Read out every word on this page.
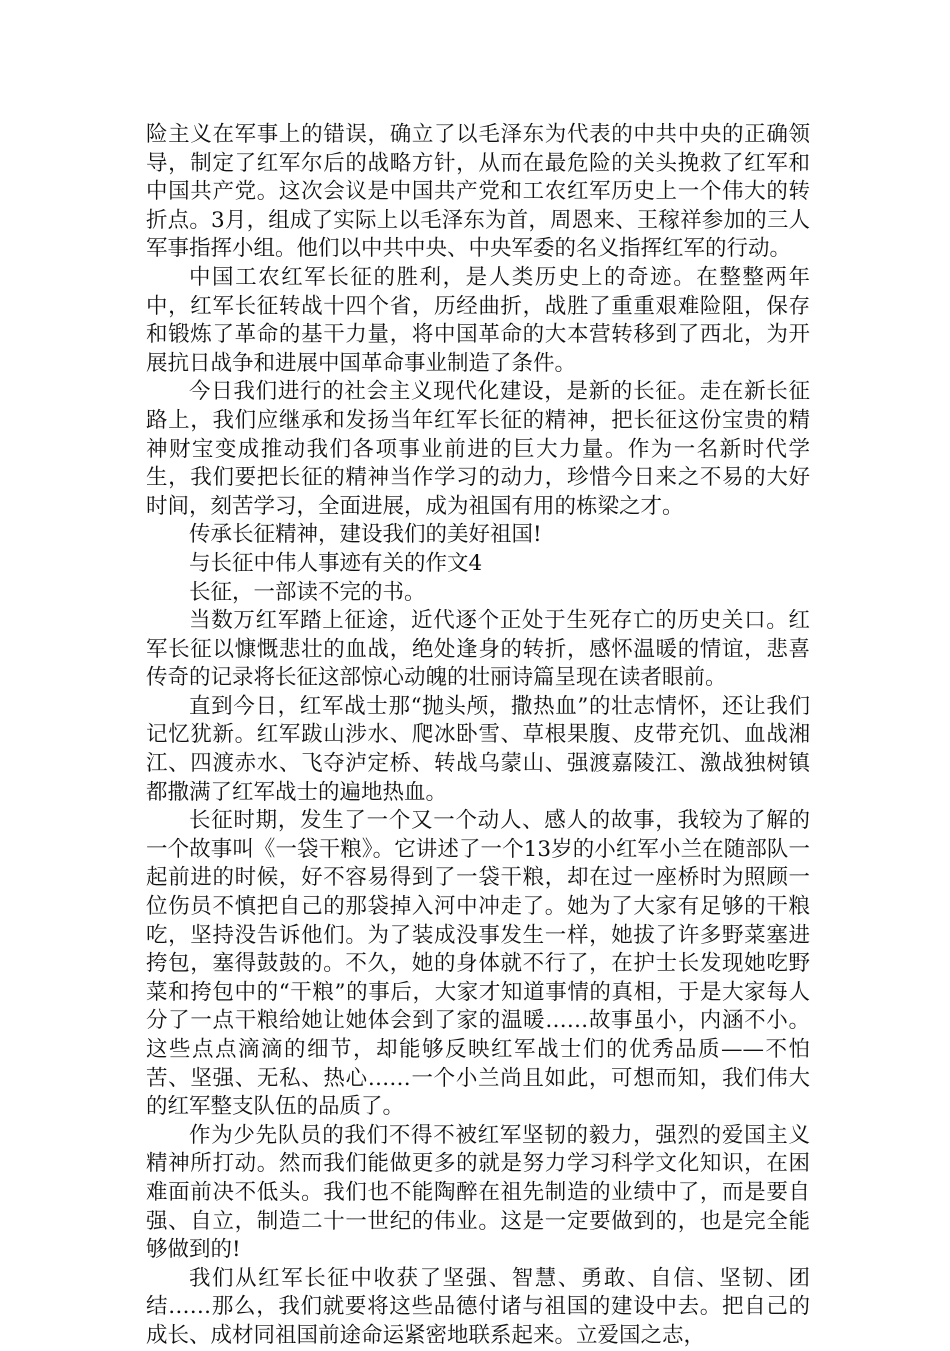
险主义在军事上的错误，确立了以毛泽东为代表的中共中央的正确领导，制定了红军尔后的战略方针，从而在最危险的关头挽救了红军和中国共产党。这次会议是中国共产党和工农红军历史上一个伟大的转折点。3月，组成了实际上以毛泽东为首，周恩来、王稼祥参加的三人军事指挥小组。他们以中共中央、中央军委的名义指挥红军的行动。

中国工农红军长征的胜利，是人类历史上的奇迹。在整整两年中，红军长征转战十四个省，历经曲折，战胜了重重艰难险阻，保存和锻炼了革命的基干力量，将中国革命的大本营转移到了西北，为开展抗日战争和进展中国革命事业制造了条件。

今日我们进行的社会主义现代化建设，是新的长征。走在新长征路上，我们应继承和发扬当年红军长征的精神，把长征这份宝贵的精神财宝变成推动我们各项事业前进的巨大力量。作为一名新时代学生，我们要把长征的精神当作学习的动力，珍惜今日来之不易的大好时间，刻苦学习，全面进展，成为祖国有用的栋梁之才。

传承长征精神，建设我们的美好祖国!

与长征中伟人事迹有关的作文4

长征，一部读不完的书。

当数万红军踏上征途，近代逐个正处于生死存亡的历史关口。红军长征以慷慨悲壮的血战，绝处逢身的转折，感怀温暖的情谊，悲喜传奇的记录将长征这部惊心动魄的壮丽诗篇呈现在读者眼前。

直到今日，红军战士那“抛头颅，撒热血”的壮志情怀，还让我们记忆犹新。红军跋山涉水、爬冰卧雪、草根果腹、皮带充饥、血战湘江、四渡赤水、飞夺泸定桥、转战乌蒙山、强渡嘉陵江、激战独树镇都撒满了红军战士的遍地热血。

长征时期，发生了一个又一个动人、感人的故事，我较为了解的一个故事叫《一袋干粮》。它讲述了一个13岁的小红军小兰在随部队一起前进的时候，好不容易得到了一袋干粮，却在过一座桥时为照顾一位伤员不慎把自己的那袋掉入河中冲走了。她为了大家有足够的干粮吃，坚持没告诉他们。为了装成没事发生一样，她拔了许多野菜塞进挎包，塞得鼓鼓的。不久，她的身体就不行了，在护士长发现她吃野菜和挎包中的“干粮”的事后，大家才知道事情的真相，于是大家每人分了一点干粮给她让她体会到了家的温暖……故事虽小，内涵不小。这些点点滴滴的细节，却能够反映红军战士们的优秀品质——不怕苦、坚强、无私、热心……一个小兰尚且如此，可想而知，我们伟大的红军整支队伍的品质了。

作为少先队员的我们不得不被红军坚韧的毅力，强烈的爱国主义精神所打动。然而我们能做更多的就是努力学习科学文化知识，在困难面前决不低头。我们也不能陶醉在祖先制造的业绩中了，而是要自强、自立，制造二十一世纪的伟业。这是一定要做到的，也是完全能够做到的!

我们从红军长征中收获了坚强、智慧、勇敢、自信、坚韧、团结……那么，我们就要将这些品德付诸与祖国的建设中去。把自己的成长、成材同祖国前途命运紧密地联系起来。立爱国之志，
